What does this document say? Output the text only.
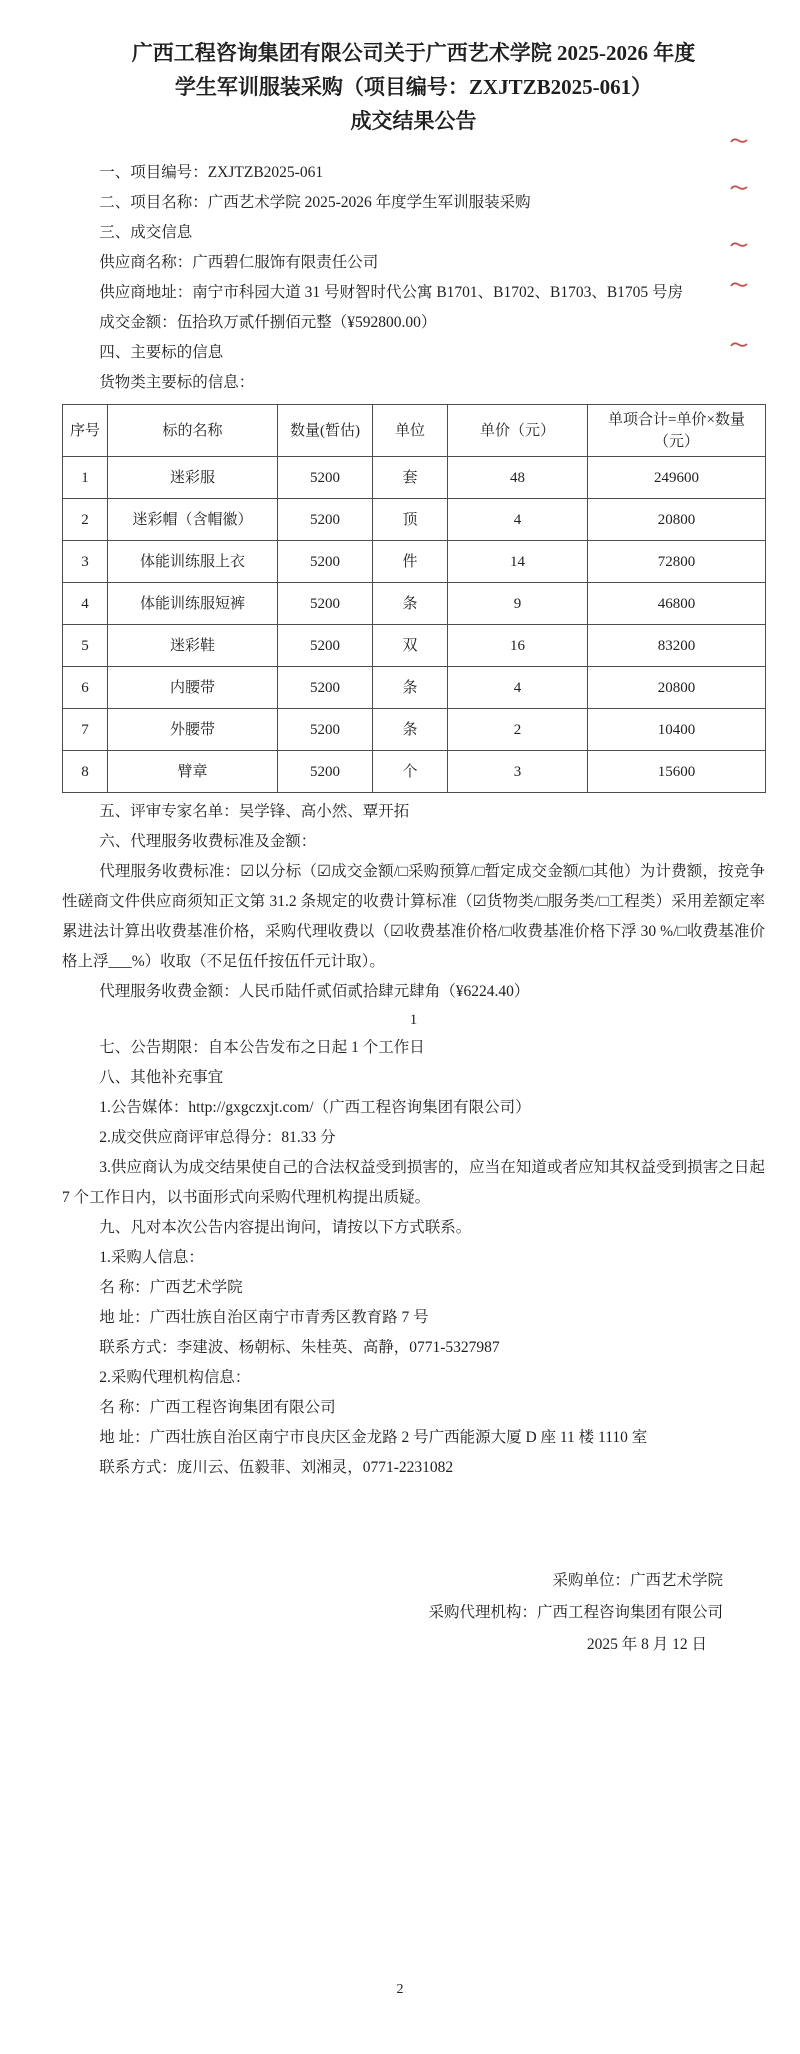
广西工程咨询集团有限公司关于广西艺术学院 2025-2026 年度

学生军训服装采购（项目编号：ZXJTZB2025-061）

成交结果公告

一、项目编号：ZXJTZB2025-061

二、项目名称：广西艺术学院 2025-2026 年度学生军训服装采购

三、成交信息

供应商名称：广西碧仁服饰有限责任公司

供应商地址：南宁市科园大道 31 号财智时代公寓 B1701、B1702、B1703、B1705 号房

成交金额：伍拾玖万贰仟捌佰元整（¥592800.00）

四、主要标的信息

货物类主要标的信息：

序号	标的名称	数量(暂估)	单位	单价（元）	单项合计=单价×数量（元）
1	迷彩服	5200	套	48	249600
2	迷彩帽（含帽徽）	5200	顶	4	20800
3	体能训练服上衣	5200	件	14	72800
4	体能训练服短裤	5200	条	9	46800
5	迷彩鞋	5200	双	16	83200
6	内腰带	5200	条	4	20800
7	外腰带	5200	条	2	10400
8	臂章	5200	个	3	15600

五、评审专家名单：吴学锋、高小然、覃开拓

六、代理服务收费标准及金额：

代理服务收费标准：☑以分标（☑成交金额/□采购预算/□暂定成交金额/□其他）为计费额，按竞争性磋商文件供应商须知正文第 31.2 条规定的收费计算标准（☑货物类/□服务类/□工程类）采用差额定率累进法计算出收费基准价格，采购代理收费以（☑收费基准价格/□收费基准价格下浮 30 %/□收费基准价格上浮___%）收取（不足伍仟按伍仟元计取）。

代理服务收费金额：人民币陆仟贰佰贰拾肆元肆角（¥6224.40）

1

七、公告期限：自本公告发布之日起 1 个工作日

八、其他补充事宜

1.公告媒体：http://gxgczxjt.com/（广西工程咨询集团有限公司）

2.成交供应商评审总得分：81.33 分

3.供应商认为成交结果使自己的合法权益受到损害的，应当在知道或者应知其权益受到损害之日起 7 个工作日内，以书面形式向采购代理机构提出质疑。

九、凡对本次公告内容提出询问，请按以下方式联系。

1.采购人信息：

名 称：广西艺术学院

地 址：广西壮族自治区南宁市青秀区教育路 7 号

联系方式：李建波、杨朝标、朱桂英、高静，0771-5327987

2.采购代理机构信息：

名 称：广西工程咨询集团有限公司

地 址：广西壮族自治区南宁市良庆区金龙路 2 号广西能源大厦 D 座 11 楼 1110 室

联系方式：庞川云、伍毅菲、刘湘灵，0771-2231082

采购单位：广西艺术学院

采购代理机构：广西工程咨询集团有限公司

2025 年 8 月 12 日

2
